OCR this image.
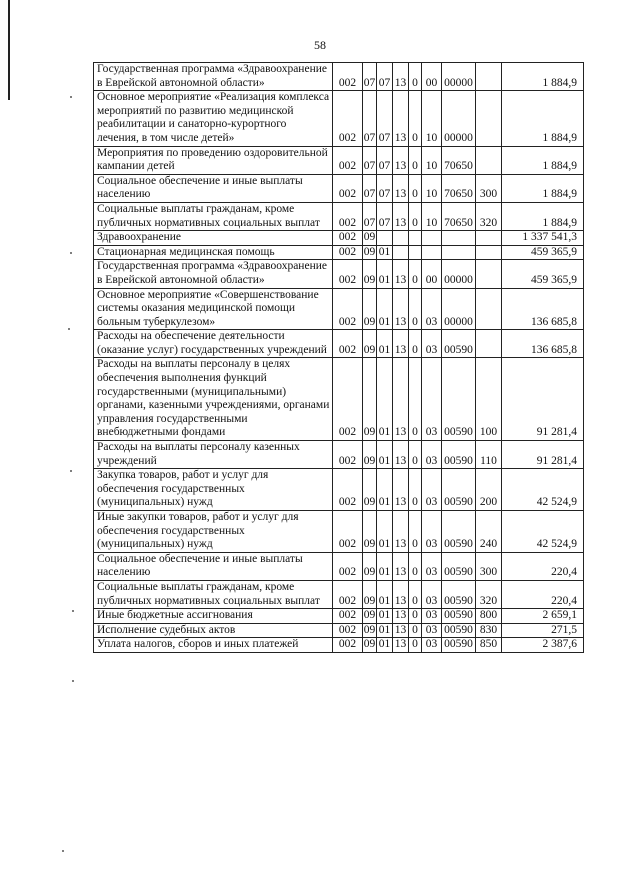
58
Государственная программа «Здравоохранение в Еврейской автономной области»	002	07	07	13	0	00	00000		1 884,9
Основное мероприятие «Реализация комплекса мероприятий по развитию медицинской реабилитации и санаторно-курортного лечения, в том числе детей»	002	07	07	13	0	10	00000		1 884,9
Мероприятия по проведению оздоровительной кампании детей	002	07	07	13	0	10	70650		1 884,9
Социальное обеспечение и иные выплаты населению	002	07	07	13	0	10	70650	300	1 884,9
Социальные выплаты гражданам, кроме публичных нормативных социальных выплат	002	07	07	13	0	10	70650	320	1 884,9
Здравоохранение	002	09							1 337 541,3
Стационарная медицинская помощь	002	09	01						459 365,9
Государственная программа «Здравоохранение в Еврейской автономной области»	002	09	01	13	0	00	00000		459 365,9
Основное мероприятие «Совершенствование системы оказания медицинской помощи больным туберкулезом»	002	09	01	13	0	03	00000		136 685,8
Расходы на обеспечение деятельности (оказание услуг) государственных учреждений	002	09	01	13	0	03	00590		136 685,8
Расходы на выплаты персоналу в целях обеспечения выполнения функций государственными (муниципальными) органами, казенными учреждениями, органами управления государственными внебюджетными фондами	002	09	01	13	0	03	00590	100	91 281,4
Расходы на выплаты персоналу казенных учреждений	002	09	01	13	0	03	00590	110	91 281,4
Закупка товаров, работ и услуг для обеспечения государственных (муниципальных) нужд	002	09	01	13	0	03	00590	200	42 524,9
Иные закупки товаров, работ и услуг для обеспечения государственных (муниципальных) нужд	002	09	01	13	0	03	00590	240	42 524,9
Социальное обеспечение и иные выплаты населению	002	09	01	13	0	03	00590	300	220,4
Социальные выплаты гражданам, кроме публичных нормативных социальных выплат	002	09	01	13	0	03	00590	320	220,4
Иные бюджетные ассигнования	002	09	01	13	0	03	00590	800	2 659,1
Исполнение судебных актов	002	09	01	13	0	03	00590	830	271,5
Уплата налогов, сборов и иных платежей	002	09	01	13	0	03	00590	850	2 387,6
